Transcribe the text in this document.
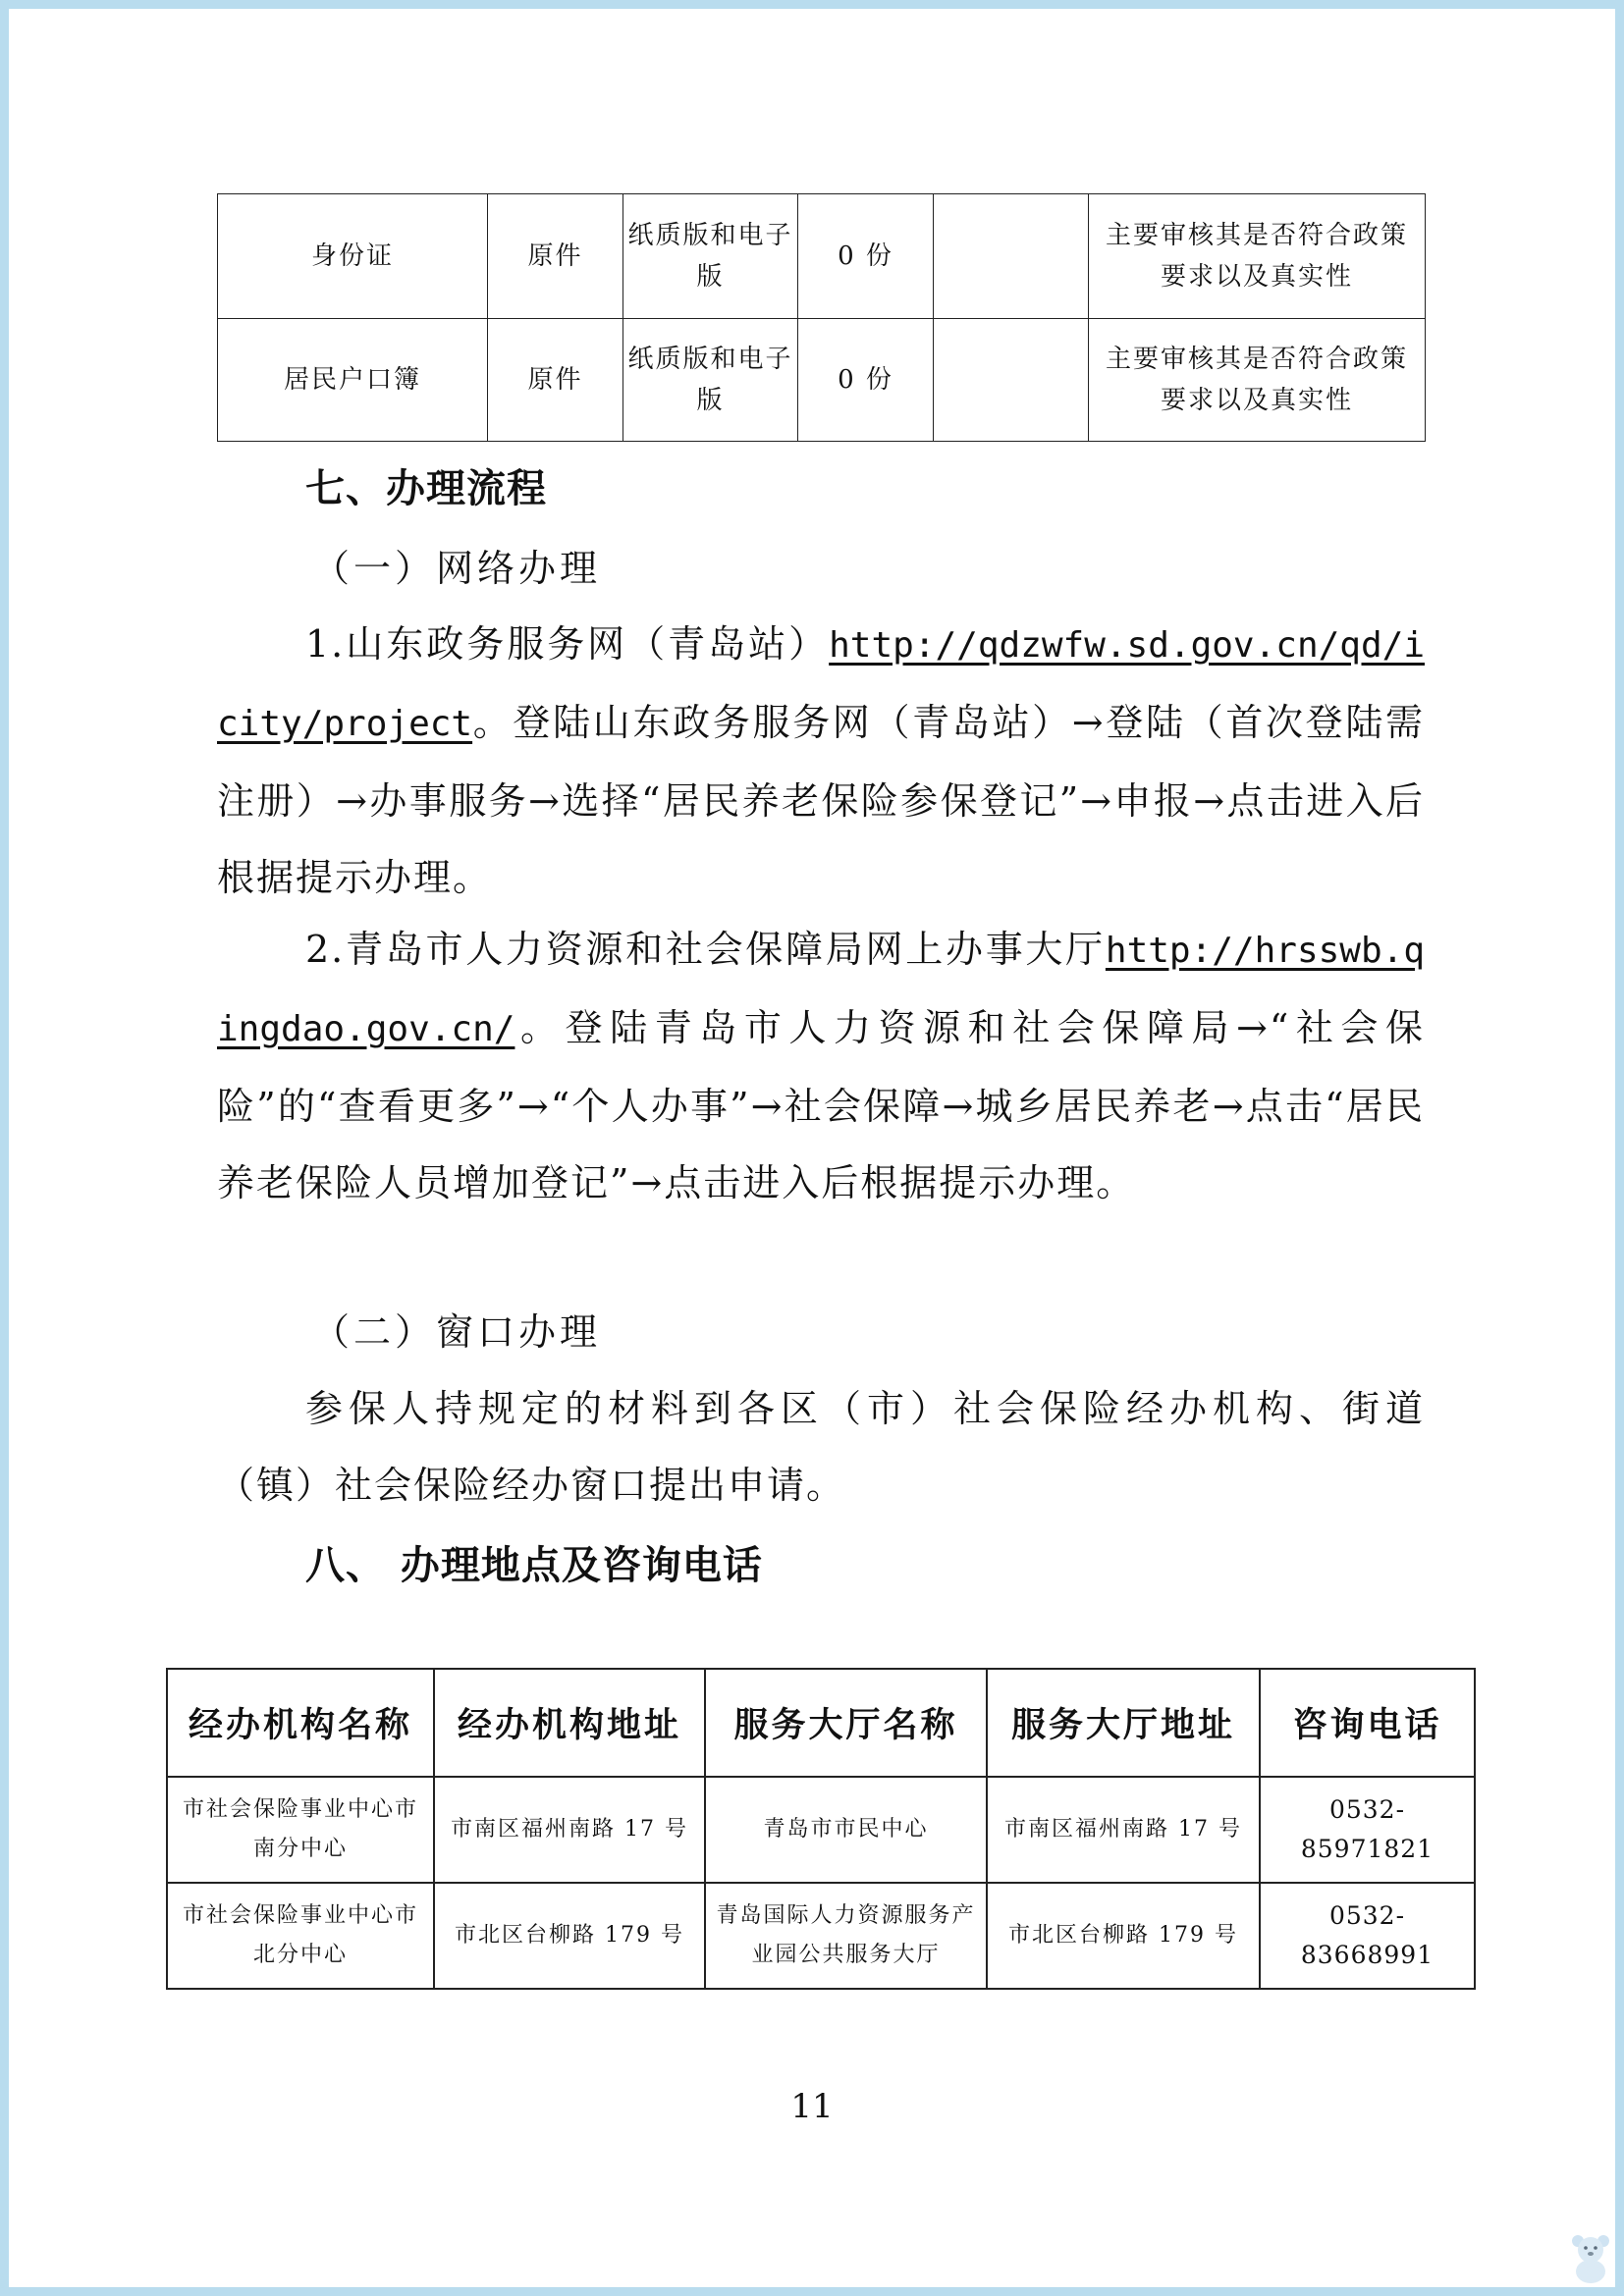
身份证	原件	纸质版和电子版	0 份		主要审核其是否符合政策要求以及真实性
居民户口簿	原件	纸质版和电子版	0 份		主要审核其是否符合政策要求以及真实性
七、办理流程
（一）网络办理

1.山东政务服务网（青岛站）http://qdzwfw.sd.gov.cn/qd/icity/project。登陆山东政务服务网（青岛站）→登陆（首次登陆需注册）→办事服务→选择“居民养老保险参保登记”→申报→点击进入后根据提示办理。

2.青岛市人力资源和社会保障局网上办事大厅http://hrsswb.qingdao.gov.cn/。登陆青岛市人力资源和社会保障局→“社会保险”的“查看更多”→“个人办事”→社会保障→城乡居民养老→点击“居民养老保险人员增加登记”→点击进入后根据提示办理。

（二）窗口办理

参保人持规定的材料到各区（市）社会保险经办机构、街道（镇）社会保险经办窗口提出申请。

八、 办理地点及咨询电话
经办机构名称	经办机构地址	服务大厅名称	服务大厅地址	咨询电话
市社会保险事业中心市南分中心	市南区福州南路 17 号	青岛市市民中心	市南区福州南路 17 号	0532-85971821
市社会保险事业中心市北分中心	市北区台柳路 179 号	青岛国际人力资源服务产业园公共服务大厅	市北区台柳路 179 号	0532-83668991
11
